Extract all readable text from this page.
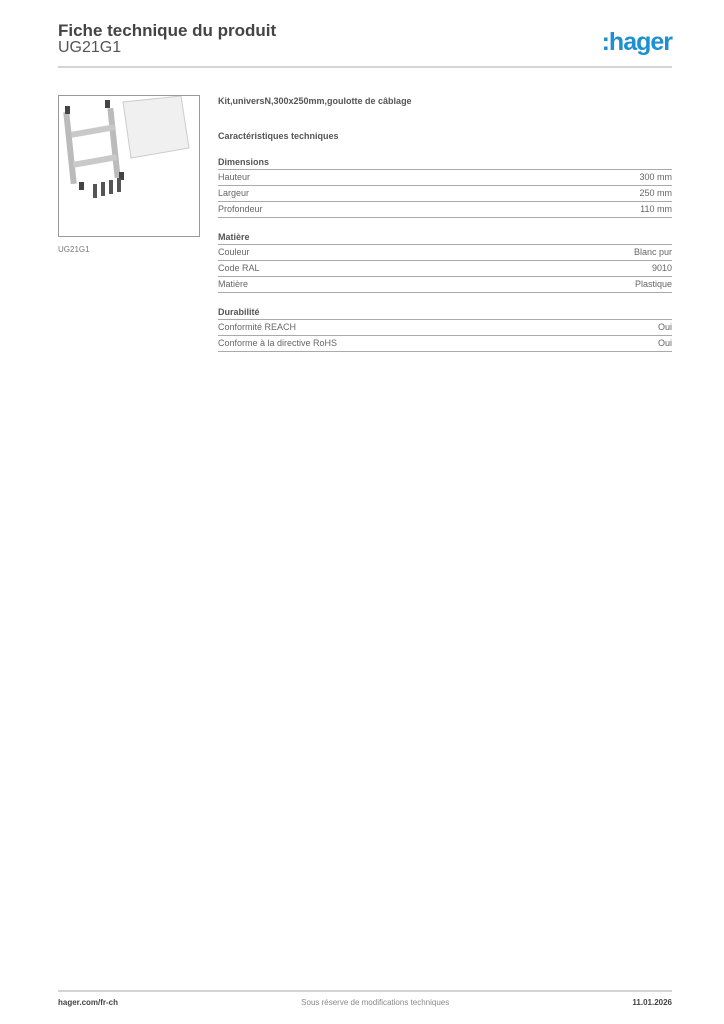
Fiche technique du produit
UG21G1	:hager
UG21G1
Kit,universN,300x250mm,goulotte de câblage
Caractéristiques techniques
Dimensions
Hauteur	300 mm
Largeur	250 mm
Profondeur	110 mm
Matière
Couleur	Blanc pur
Code RAL	9010
Matière	Plastique
Durabilité
Conformité REACH	Oui
Conforme à la directive RoHS	Oui
hager.com/fr-ch	Sous réserve de modifications techniques	11.01.2026
